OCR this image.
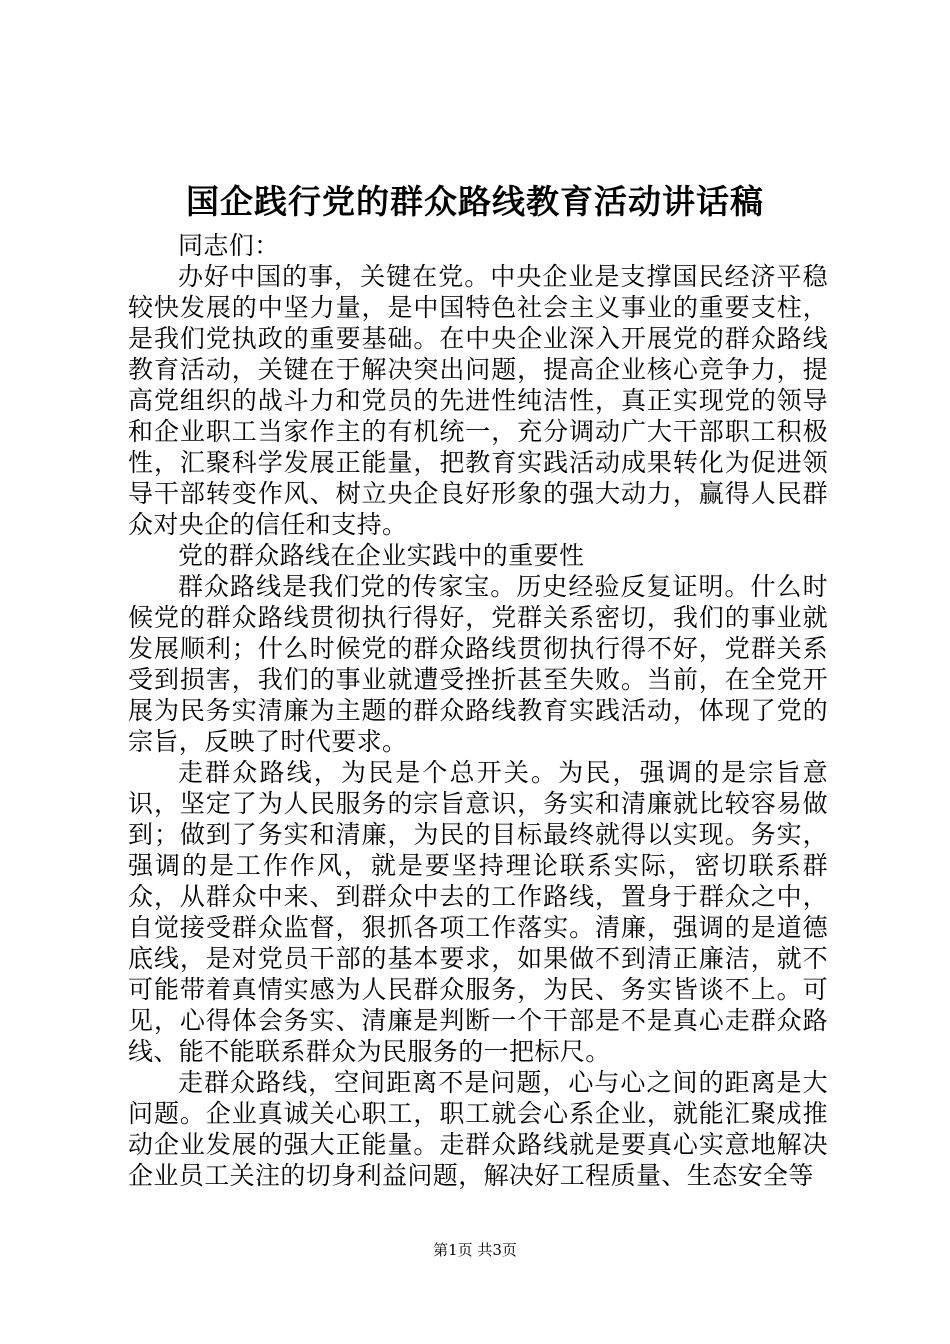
国企践行党的群众路线教育活动讲话稿

同志们：

办好中国的事，关键在党。中央企业是支撑国民经济平稳较快发展的中坚力量，是中国特色社会主义事业的重要支柱，是我们党执政的重要基础。在中央企业深入开展党的群众路线教育活动，关键在于解决突出问题，提高企业核心竞争力，提高党组织的战斗力和党员的先进性纯洁性，真正实现党的领导和企业职工当家作主的有机统一，充分调动广大干部职工积极性，汇聚科学发展正能量，把教育实践活动成果转化为促进领导干部转变作风、树立央企良好形象的强大动力，赢得人民群众对央企的信任和支持。

党的群众路线在企业实践中的重要性

群众路线是我们党的传家宝。历史经验反复证明。什么时候党的群众路线贯彻执行得好，党群关系密切，我们的事业就发展顺利；什么时候党的群众路线贯彻执行得不好，党群关系受到损害，我们的事业就遭受挫折甚至失败。当前，在全党开展为民务实清廉为主题的群众路线教育实践活动，体现了党的宗旨，反映了时代要求。

走群众路线，为民是个总开关。为民，强调的是宗旨意识，坚定了为人民服务的宗旨意识，务实和清廉就比较容易做到；做到了务实和清廉，为民的目标最终就得以实现。务实，强调的是工作作风，就是要坚持理论联系实际，密切联系群众，从群众中来、到群众中去的工作路线，置身于群众之中，自觉接受群众监督，狠抓各项工作落实。清廉，强调的是道德底线，是对党员干部的基本要求，如果做不到清正廉洁，就不可能带着真情实感为人民群众服务，为民、务实皆谈不上。可见，心得体会务实、清廉是判断一个干部是不是真心走群众路线、能不能联系群众为民服务的一把标尺。

走群众路线，空间距离不是问题，心与心之间的距离是大问题。企业真诚关心职工，职工就会心系企业，就能汇聚成推动企业发展的强大正能量。走群众路线就是要真心实意地解决企业员工关注的切身利益问题，解决好工程质量、生态安全等

第1页 共3页
